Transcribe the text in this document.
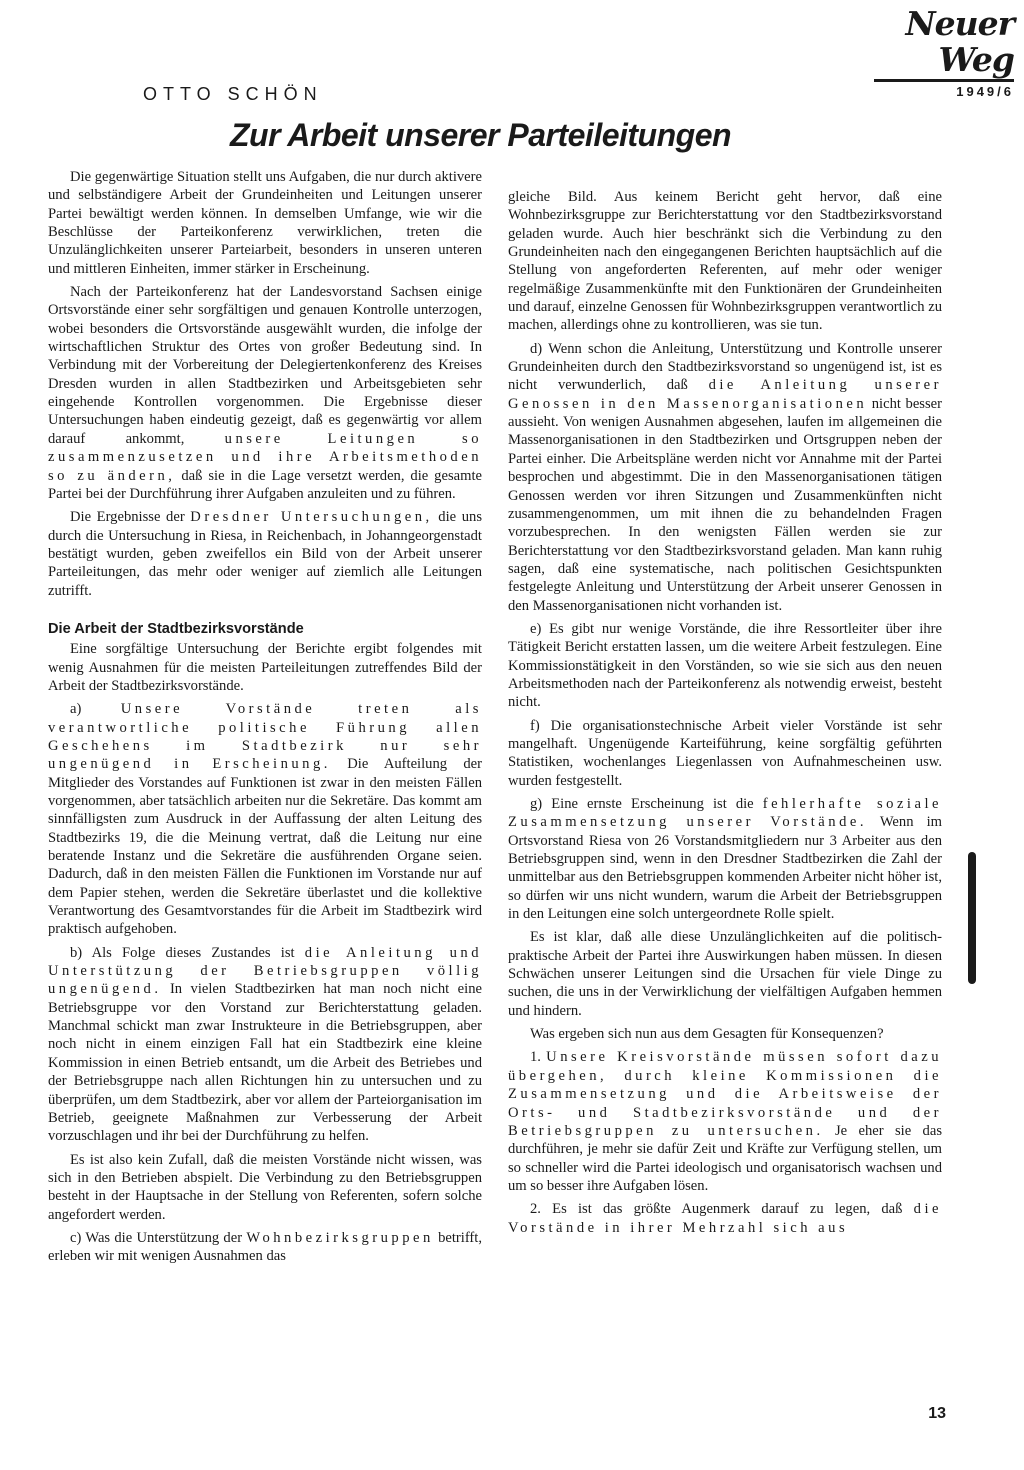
Neuer Weg
1949/6
OTTO SCHÖN
Zur Arbeit unserer Parteileitungen

Die gegenwärtige Situation stellt uns Aufgaben, die nur durch aktivere und selbständigere Arbeit der Grundeinheiten und Leitungen unserer Partei bewältigt werden können. In demselben Umfange, wie wir die Beschlüsse der Parteikonferenz verwirklichen, treten die Unzulänglichkeiten unserer Parteiarbeit, besonders in unseren unteren und mittleren Einheiten, immer stärker in Erscheinung.

Nach der Parteikonferenz hat der Landesvorstand Sachsen einige Ortsvorstände einer sehr sorgfältigen und genauen Kontrolle unterzogen, wobei besonders die Ortsvorstände ausgewählt wurden, die infolge der wirtschaftlichen Struktur des Ortes von großer Bedeutung sind. In Verbindung mit der Vorbereitung der Delegiertenkonferenz des Kreises Dresden wurden in allen Stadtbezirken und Arbeitsgebieten sehr eingehende Kontrollen vorgenommen. Die Ergebnisse dieser Untersuchungen haben eindeutig gezeigt, daß es gegenwärtig vor allem darauf ankommt, unsere Leitungen so zusammenzusetzen und ihre Arbeitsmethoden so zu ändern, daß sie in die Lage versetzt werden, die gesamte Partei bei der Durchführung ihrer Aufgaben anzuleiten und zu führen.

Die Ergebnisse der Dresdner Untersuchungen, die uns durch die Untersuchung in Riesa, in Reichenbach, in Johanngeorgenstadt bestätigt wurden, geben zweifellos ein Bild von der Arbeit unserer Parteileitungen, das mehr oder weniger auf ziemlich alle Leitungen zutrifft.

Die Arbeit der Stadtbezirksvorstände

Eine sorgfältige Untersuchung der Berichte ergibt folgendes mit wenig Ausnahmen für die meisten Parteileitungen zutreffendes Bild der Arbeit der Stadtbezirksvorstände.

a) Unsere Vorstände treten als verantwortliche politische Führung allen Geschehens im Stadtbezirk nur sehr ungenügend in Erscheinung. Die Aufteilung der Mitglieder des Vorstandes auf Funktionen ist zwar in den meisten Fällen vorgenommen, aber tatsächlich arbeiten nur die Sekretäre. Das kommt am sinnfälligsten zum Ausdruck in der Auffassung der alten Leitung des Stadtbezirks 19, die die Meinung vertrat, daß die Leitung nur eine beratende Instanz und die Sekretäre die ausführenden Organe seien. Dadurch, daß in den meisten Fällen die Funktionen im Vorstande nur auf dem Papier stehen, werden die Sekretäre überlastet und die kollektive Verantwortung des Gesamtvorstandes für die Arbeit im Stadtbezirk wird praktisch aufgehoben.

b) Als Folge dieses Zustandes ist die Anleitung und Unterstützung der Betriebsgruppen völlig ungenügend. In vielen Stadtbezirken hat man noch nicht eine Betriebsgruppe vor den Vorstand zur Berichterstattung geladen. Manchmal schickt man zwar Instrukteure in die Betriebsgruppen, aber noch nicht in einem einzigen Fall hat ein Stadtbezirk eine kleine Kommission in einen Betrieb entsandt, um die Arbeit des Betriebes und der Betriebsgruppe nach allen Richtungen hin zu untersuchen und zu überprüfen, um dem Stadtbezirk, aber vor allem der Parteiorganisation im Betrieb, geeignete Maßnahmen zur Verbesserung der Arbeit vorzuschlagen und ihr bei der Durchführung zu helfen.

Es ist also kein Zufall, daß die meisten Vorstände nicht wissen, was sich in den Betrieben abspielt. Die Verbindung zu den Betriebsgruppen besteht in der Hauptsache in der Stellung von Referenten, sofern solche angefordert werden.

c) Was die Unterstützung der Wohnbezirksgruppen betrifft, erleben wir mit wenigen Ausnahmen das

gleiche Bild. Aus keinem Bericht geht hervor, daß eine Wohnbezirksgruppe zur Berichterstattung vor den Stadtbezirksvorstand geladen wurde. Auch hier beschränkt sich die Verbindung zu den Grundeinheiten nach den eingegangenen Berichten hauptsächlich auf die Stellung von angeforderten Referenten, auf mehr oder weniger regelmäßige Zusammenkünfte mit den Funktionären der Grundeinheiten und darauf, einzelne Genossen für Wohnbezirksgruppen verantwortlich zu machen, allerdings ohne zu kontrollieren, was sie tun.

d) Wenn schon die Anleitung, Unterstützung und Kontrolle unserer Grundeinheiten durch den Stadtbezirksvorstand so ungenügend ist, ist es nicht verwunderlich, daß die Anleitung unserer Genossen in den Massenorganisationen nicht besser aussieht. Von wenigen Ausnahmen abgesehen, laufen im allgemeinen die Massenorganisationen in den Stadtbezirken und Ortsgruppen neben der Partei einher. Die Arbeitspläne werden nicht vor Annahme mit der Partei besprochen und abgestimmt. Die in den Massenorganisationen tätigen Genossen werden vor ihren Sitzungen und Zusammenkünften nicht zusammengenommen, um mit ihnen die zu behandelnden Fragen vorzubesprechen. In den wenigsten Fällen werden sie zur Berichterstattung vor den Stadtbezirksvorstand geladen. Man kann ruhig sagen, daß eine systematische, nach politischen Gesichtspunkten festgelegte Anleitung und Unterstützung der Arbeit unserer Genossen in den Massenorganisationen nicht vorhanden ist.

e) Es gibt nur wenige Vorstände, die ihre Ressortleiter über ihre Tätigkeit Bericht erstatten lassen, um die weitere Arbeit festzulegen. Eine Kommissionstätigkeit in den Vorständen, so wie sie sich aus den neuen Arbeitsmethoden nach der Parteikonferenz als notwendig erweist, besteht nicht.

f) Die organisationstechnische Arbeit vieler Vorstände ist sehr mangelhaft. Ungenügende Karteiführung, keine sorgfältig geführten Statistiken, wochenlanges Liegenlassen von Aufnahmescheinen usw. wurden festgestellt.

g) Eine ernste Erscheinung ist die fehlerhafte soziale Zusammensetzung unserer Vorstände. Wenn im Ortsvorstand Riesa von 26 Vorstandsmitgliedern nur 3 Arbeiter aus den Betriebsgruppen sind, wenn in den Dresdner Stadtbezirken die Zahl der unmittelbar aus den Betriebsgruppen kommenden Arbeiter nicht höher ist, so dürfen wir uns nicht wundern, warum die Arbeit der Betriebsgruppen in den Leitungen eine solch untergeordnete Rolle spielt.

Es ist klar, daß alle diese Unzulänglichkeiten auf die politisch-praktische Arbeit der Partei ihre Auswirkungen haben müssen. In diesen Schwächen unserer Leitungen sind die Ursachen für viele Dinge zu suchen, die uns in der Verwirklichung der vielfältigen Aufgaben hemmen und hindern.

Was ergeben sich nun aus dem Gesagten für Konsequenzen?

1. Unsere Kreisvorstände müssen sofort dazu übergehen, durch kleine Kommissionen die Zusammensetzung und die Arbeitsweise der Orts- und Stadtbezirksvorstände und der Betriebsgruppen zu untersuchen. Je eher sie das durchführen, je mehr sie dafür Zeit und Kräfte zur Verfügung stellen, um so schneller wird die Partei ideologisch und organisatorisch wachsen und um so besser ihre Aufgaben lösen.

2. Es ist das größte Augenmerk darauf zu legen, daß die Vorstände in ihrer Mehrzahl sich aus

13
